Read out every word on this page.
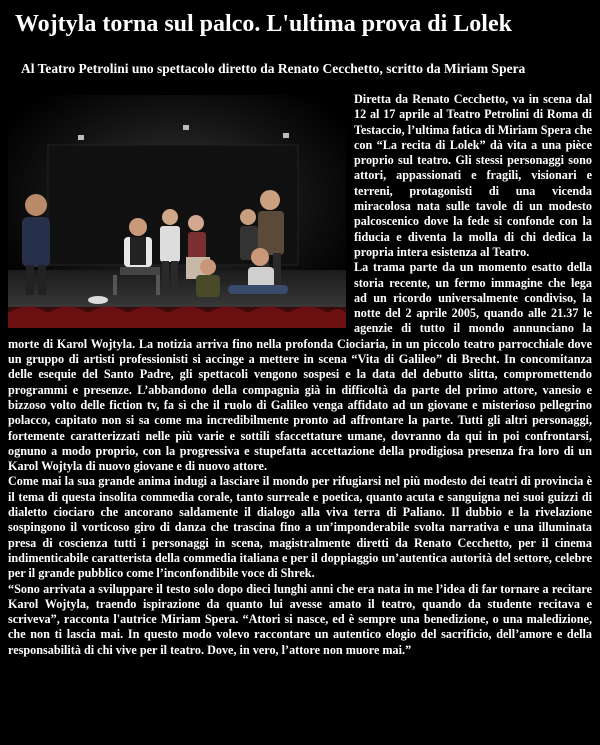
Wojtyla torna sul palco. L'ultima prova di Lolek
Al Teatro Petrolini uno spettacolo diretto da Renato Cecchetto, scritto da Miriam Spera

Diretta da Renato Cecchetto, va in scena dal 12 al 17 aprile al Teatro Petrolini di Roma di Testaccio, l’ultima fatica di Miriam Spera che con “La recita di Lolek” dà vita a una pièce proprio sul teatro. Gli stessi personaggi sono attori, appassionati e fragili, visionari e terreni, protagonisti di una vicenda miracolosa nata sulle tavole di un modesto palcoscenico dove la fede si confonde con la fiducia e diventa la molla di chi dedica la propria intera esistenza al Teatro.

La trama parte da un momento esatto della storia recente, un fermo immagine che lega ad un ricordo universalmente condiviso, la notte del 2 aprile 2005, quando alle 21.37 le agenzie di tutto il mondo annunciano la morte di Karol Wojtyla. La notizia arriva fino nella profonda Ciociaria, in un piccolo teatro parrocchiale dove un gruppo di artisti professionisti si accinge a mettere in scena “Vita di Galileo” di Brecht. In concomitanza delle esequie del Santo Padre, gli spettacoli vengono sospesi e la data del debutto slitta, compromettendo programmi e presenze. L’abbandono della compagnia già in difficoltà da parte del primo attore, vanesio e bizzoso volto delle fiction tv, fa sì che il ruolo di Galileo venga affidato ad un giovane e misterioso pellegrino polacco, capitato non si sa come ma incredibilmente pronto ad affrontare la parte. Tutti gli altri personaggi, fortemente caratterizzati nelle più varie e sottili sfaccettature umane, dovranno da qui in poi confrontarsi, ognuno a modo proprio, con la progressiva e stupefatta accettazione della prodigiosa presenza fra loro di un Karol Wojtyla di nuovo giovane e di nuovo attore.

Come mai la sua grande anima indugi a lasciare il mondo per rifugiarsi nel più modesto dei teatri di provincia è il tema di questa insolita commedia corale, tanto surreale e poetica, quanto acuta e sanguigna nei suoi guizzi di dialetto ciociaro che ancorano saldamente il dialogo alla viva terra di Paliano. Il dubbio e la rivelazione sospingono il vorticoso giro di danza che trascina fino a un’imponderabile svolta narrativa e una illuminata presa di coscienza tutti i personaggi in scena, magistralmente diretti da Renato Cecchetto, per il cinema indimenticabile caratterista della commedia italiana e per il doppiaggio un’autentica autorità del settore, celebre per il grande pubblico come l’inconfondibile voce di Shrek.

“Sono arrivata a sviluppare il testo solo dopo dieci lunghi anni che era nata in me l’idea di far tornare a recitare Karol Wojtyla, traendo ispirazione da quanto lui avesse amato il teatro, quando da studente recitava e scriveva”, racconta l'autrice Miriam Spera. “Attori si nasce, ed è sempre una benedizione, o una maledizione, che non ti lascia mai. In questo modo volevo raccontare un autentico elogio del sacrificio, dell’amore e della responsabilità di chi vive per il teatro. Dove, in vero, l’attore non muore mai.”
